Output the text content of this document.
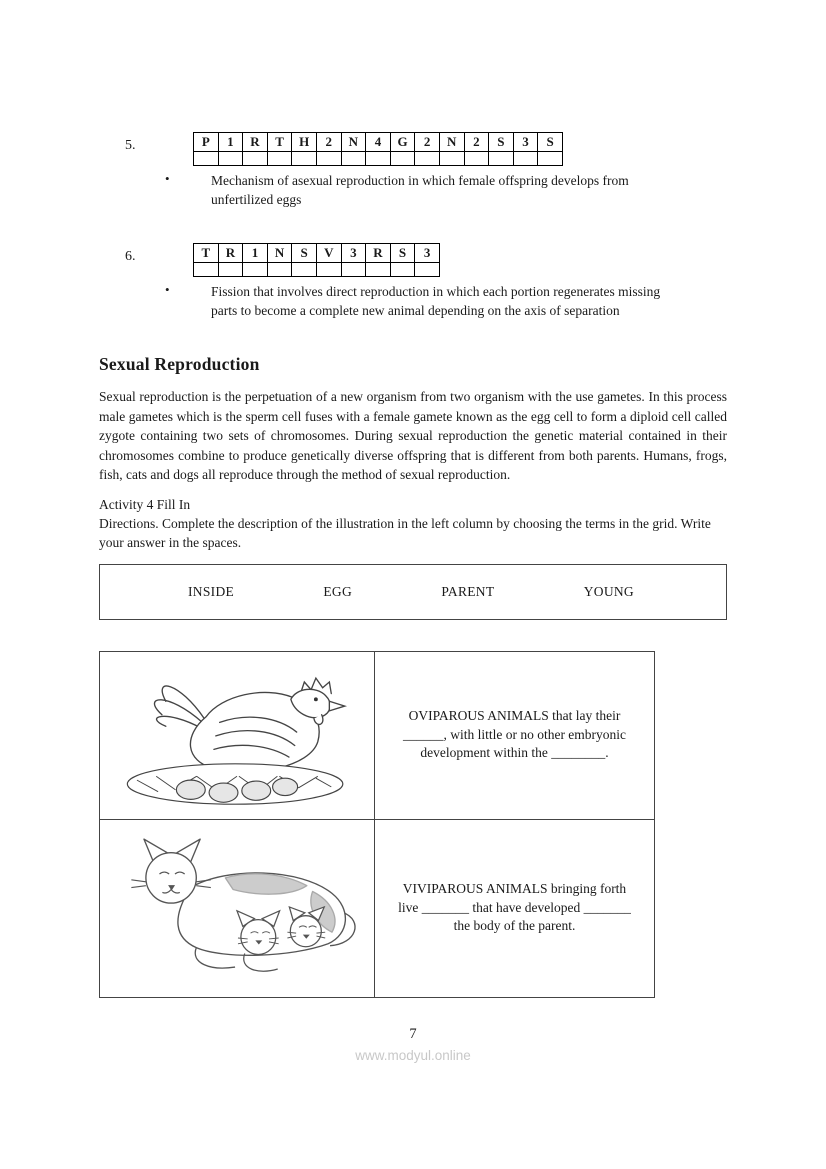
5.	P	1	R	T	H	2	N	4	G	2	N	2	S	3	S

•	Mechanism of asexual reproduction in which female offspring develops from unfertilized eggs
6.	T	R	1	N	S	V	3	R	S	3

•	Fission that involves direct reproduction in which each portion regenerates missing parts to become a complete new animal depending on the axis of separation
Sexual Reproduction

Sexual reproduction is the perpetuation of a new organism from two organism with the use gametes. In this process male gametes which is the sperm cell fuses with a female gamete known as the egg cell to form a diploid cell called zygote containing two sets of chromosomes. During sexual reproduction the genetic material contained in their chromosomes combine to produce genetically diverse offspring that is different from both parents. Humans, frogs, fish, cats and dogs all reproduce through the method of sexual reproduction.

Activity 4 Fill In

Directions. Complete the description of the illustration in the left column by choosing the terms in the grid. Write your answer in the spaces.

INSIDE	EGG	PARENT	YOUNG
	OVIPAROUS ANIMALS that lay their ______, with little or no other embryonic development within the ________.
	VIVIPAROUS ANIMALS bringing forth live _______ that have developed _______ the body of the parent.
7
www.modyul.online
